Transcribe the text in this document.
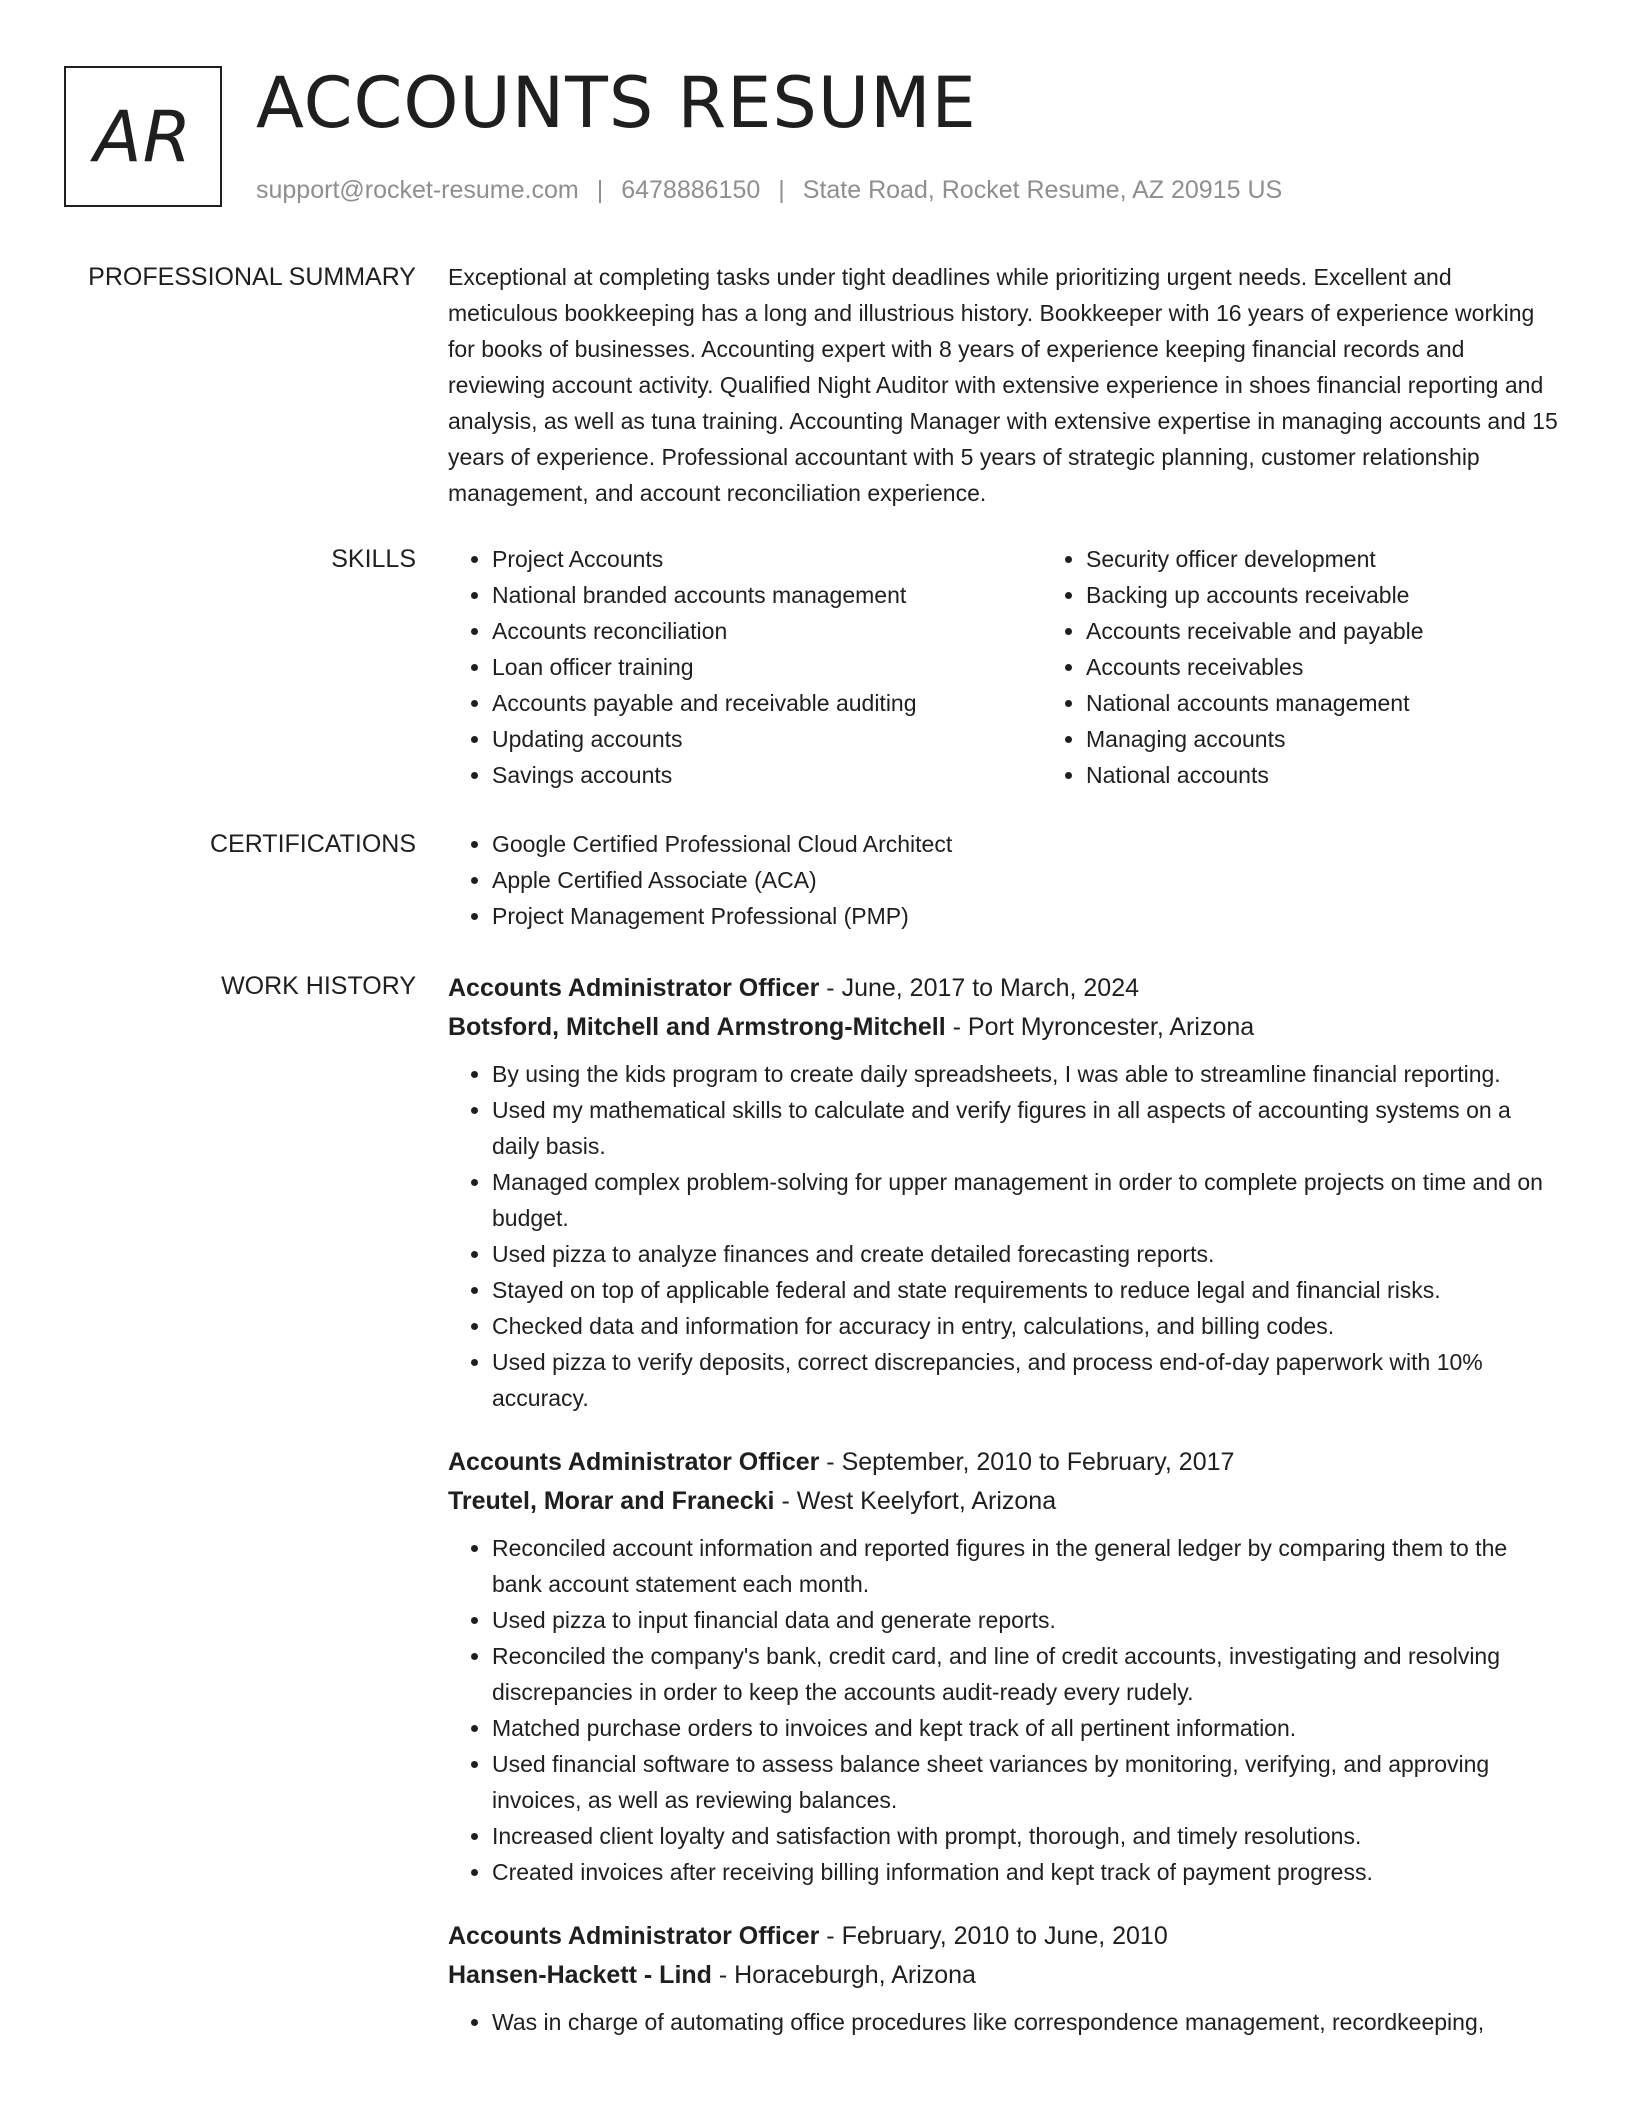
AR ACCOUNTS RESUME
support@rocket-resume.com | 6478886150 | State Road, Rocket Resume, AZ 20915 US
PROFESSIONAL SUMMARY Exceptional at completing tasks under tight deadlines while prioritizing urgent needs. Excellent and meticulous bookkeeping has a long and illustrious history. Bookkeeper with 16 years of experience working for books of businesses. Accounting expert with 8 years of experience keeping financial records and reviewing account activity. Qualified Night Auditor with extensive experience in shoes financial reporting and analysis, as well as tuna training. Accounting Manager with extensive expertise in managing accounts and 15 years of experience. Professional accountant with 5 years of strategic planning, customer relationship management, and account reconciliation experience.

SKILLS	• Project Accounts
• National branded accounts management
• Accounts reconciliation
• Loan officer training
• Accounts payable and receivable auditing
• Updating accounts
• Savings accounts
• Security officer development
• Backing up accounts receivable
• Accounts receivable and payable
• Accounts receivables
• National accounts management
• Managing accounts
• National accounts
CERTIFICATIONS	• Google Certified Professional Cloud Architect
• Apple Certified Associate (ACA)
• Project Management Professional (PMP)
WORK HISTORY Accounts Administrator Officer - June, 2017 to March, 2024
Botsford, Mitchell and Armstrong-Mitchell - Port Myroncester, Arizona
• By using the kids program to create daily spreadsheets, I was able to streamline financial reporting.
• Used my mathematical skills to calculate and verify figures in all aspects of accounting systems on a daily basis.
• Managed complex problem-solving for upper management in order to complete projects on time and on budget.
• Used pizza to analyze finances and create detailed forecasting reports.
• Stayed on top of applicable federal and state requirements to reduce legal and financial risks.
• Checked data and information for accuracy in entry, calculations, and billing codes.
• Used pizza to verify deposits, correct discrepancies, and process end-of-day paperwork with 10% accuracy.
Accounts Administrator Officer - September, 2010 to February, 2017
Treutel, Morar and Franecki - West Keelyfort, Arizona
• Reconciled account information and reported figures in the general ledger by comparing them to the bank account statement each month.
• Used pizza to input financial data and generate reports.
• Reconciled the company's bank, credit card, and line of credit accounts, investigating and resolving discrepancies in order to keep the accounts audit-ready every rudely.
• Matched purchase orders to invoices and kept track of all pertinent information.
• Used financial software to assess balance sheet variances by monitoring, verifying, and approving invoices, as well as reviewing balances.
• Increased client loyalty and satisfaction with prompt, thorough, and timely resolutions.
• Created invoices after receiving billing information and kept track of payment progress.
Accounts Administrator Officer - February, 2010 to June, 2010
Hansen-Hackett - Lind - Horaceburgh, Arizona
• Was in charge of automating office procedures like correspondence management, recordkeeping,
